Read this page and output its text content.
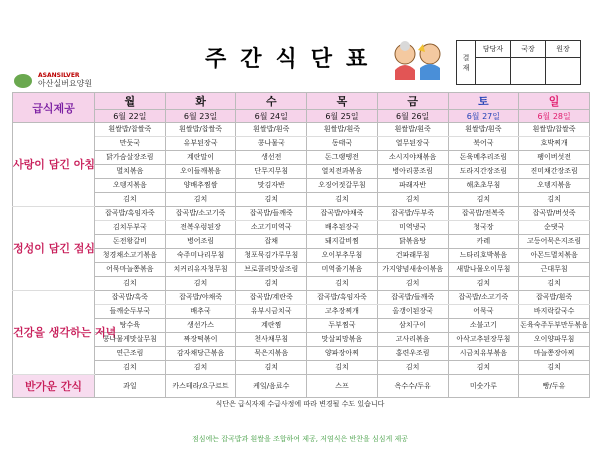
ASANSILVER
아산실버요양원
주간식단표	결재	담당자	국장	원장

급식제공	월	화	수	목	금	토	일
	6월 22일	6월 23일	6월 24일	6월 25일	6월 26일	6월 27일	6월 28일
사랑이 담긴 아침	흰쌀밥/찹쌀죽	흰쌀밥/찹쌀죽	흰쌀밥/흰죽	흰쌀밥/흰죽	흰쌀밥/흰죽	흰쌀밥/흰죽	흰쌀밥/찹쌀죽
	만둣국	유부된장국	콩나물국	동태국	열무된장국	북어국	호박찌개
	닭가슴살장조림	계란말이	생선전	돈그랭땡전	소시지야채볶음	돈육메추리조림	팽이버섯전
	멸치볶음	오이들깨볶음	단무지무침	열치전과볶음	병아리콩조림	도라지간장조림	진미채간장조림
	오뎅지볶음	양배추찜쌈	맛김자반	오징어젓갈무침	파래자반	해초초무침	오뎅지볶음
	김치	김치	김치	김치	김치	김치	김치
정성이 담긴 점심	잡곡밥/흑임자죽	잡곡밥/소고기죽	잡곡밥/들깨죽	잡곡밥/야채죽	잡곡밥/두부죽	잡곡밥/전복죽	잡곡밥/버섯죽
	김치두부국	전복우렁된장	소고기미역국	배추된장국	미역냉국	청국장	순댓국
	돈전왕갈비	병어조림	잡채	돼지갈비찜	닭볶음탕	카레	고등어묵은지조림
	청경채소고기볶음	숙주미나리무침	청포묵김가루무침	오이부추무침	건파래무침	느타리호박볶음	아몬드멸치볶음
	어묵마늘쫑볶음	치커리유자청무침	브로콜리맛살조림	미역줄기볶음	가지양념새송이볶음	새발나물오이무침	근대무침
	김치	김치	김치	김치	김치	김치	김치
건강을 생각하는 저녁	잡곡밥/흑죽	잡곡밥/야채죽	잡곡밥/계란죽	잡곡밥/흑임자죽	잡곡밥/들깨죽	잡곡밥/소고기죽	잡곡밥/흰죽
	들깨순두부국	배추국	유부시금치국	고추장찌개	올갱이된장국	어묵국	바지락칼국수
	탕수육	생선가스	계란찜	두부찜국	삼치구이	소불고기	돈육숙주두부만두볶음
	콩나물게맛살무침	짜장떡볶이	천사채무침	맛살피망볶음	고사리볶음	아삭고추된장무침	오이양파무침
	연근조림	감자채당근볶음	묵은지볶음	양파장아찌	홍련우조림	시금치유부볶음	마늘쫑장아찌
	김치	김치	김치	김치	김치	김치	김치
반가운 간식	과일	카스테라/요구르트	케잌/음료수	스프	옥수수/두유	미숫가루	빵/두유
식단은 급식자재 수급사정에 따라 변경될 수도 있습니다
점심에는 잡곡밥과 흰쌀을 조합하여 제공, 저염식은 반찬을 심심게 제공
